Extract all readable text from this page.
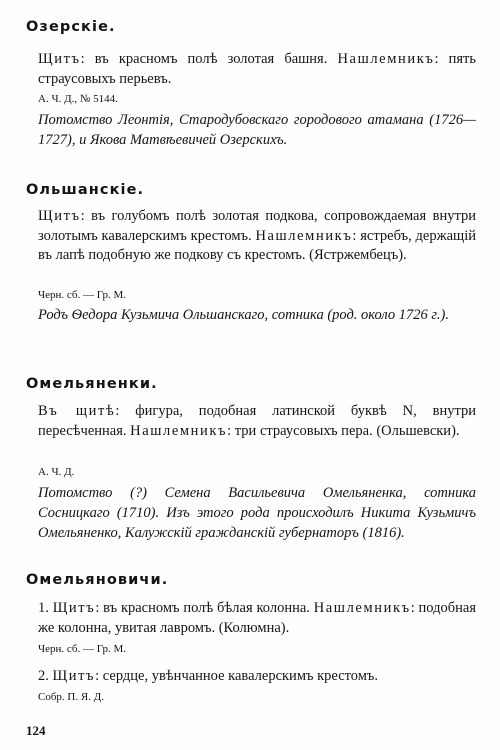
Озерскіе.

Щитъ: въ красномъ полѣ золотая башня. Нашлемникъ: пять страусовыхъ перьевъ.

А. Ч. Д., № 5144.
Потомство Леонтія, Стародубовскаго городового атамана (1726—1727), и Якова Матвѣевичей Озерскихъ.
Ольшанскіе.

Щитъ: въ голубомъ полѣ золотая подкова, сопровождаемая внутри золотымъ кавалерскимъ крестомъ. Нашлемникъ: ястребъ, держащій въ лапѣ подобную же подкову съ крестомъ. (Ястржембецъ).

Черн. сб. — Гр. М.
Родъ Ѳедора Кузьмича Ольшанскаго, сотника (род. около 1726 г.).
Омельяненки.

Въ щитѣ: фигура, подобная латинской буквѣ N, внутри пересѣченная. Нашлемникъ: три страусовыхъ пера. (Ольшевски).

А. Ч. Д.
Потомство (?) Семена Васильевича Омельяненка, сотника Сосницкаго (1710). Изъ этого рода происходилъ Никита Кузьмичъ Омельяненко, Калужскій гражданскій губернаторъ (1816).
Омельяновичи.

1. Щитъ: въ красномъ полѣ бѣлая колонна. Нашлемникъ: подобная же колонна, увитая лавромъ. (Колюмна).

Черн. сб. — Гр. М.

2. Щитъ: сердце, увѣнчанное кавалерскимъ крестомъ.

Собр. П. Я. Д.
124
